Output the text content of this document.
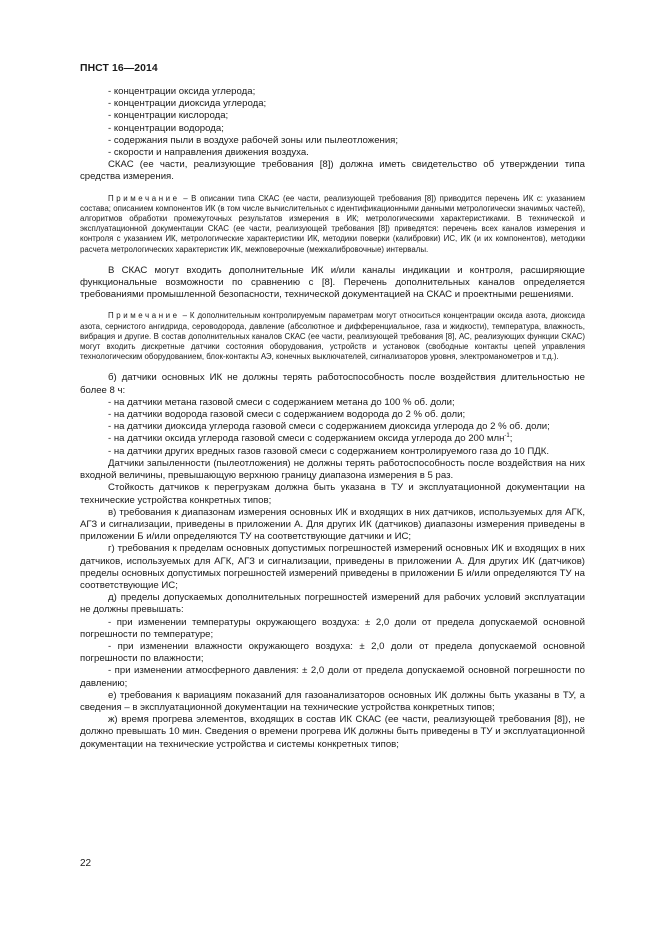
ПНСТ 16—2014

- концентрации оксида углерода;

- концентрации диоксида углерода;

- концентрации кислорода;

- концентрации водорода;

- содержания пыли в воздухе рабочей зоны или пылеотложения;

- скорости и направления движения воздуха.

СКАС (ее части, реализующие требования [8]) должна иметь свидетельство об утверждении типа средства измерения.

Примечание – В описании типа СКАС (ее части, реализующей требования [8]) приводится перечень ИК с: указанием состава; описанием компонентов ИК (в том числе вычислительных с идентификационными данными метрологически значимых частей), алгоритмов обработки промежуточных результатов измерения в ИК; метрологическими характеристиками. В технической и эксплуатационной документации СКАС (ее части, реализующей требования [8]) приведятся: перечень всех каналов измерения и контроля с указанием ИК, метрологические характеристики ИК, методики поверки (калибровки) ИС, ИК (и их компонентов), методики расчета метрологических характеристик ИК, межповерочные (межкалибровочные) интервалы.

В СКАС могут входить дополнительные ИК и/или каналы индикации и контроля, расширяющие функциональные возможности по сравнению с [8]. Перечень дополнительных каналов определяется требованиями промышленной безопасности, технической документацией на СКАС и проектными решениями.

Примечание – К дополнительным контролируемым параметрам могут относиться концентрации оксида азота, диоксида азота, сернистого ангидрида, сероводорода, давление (абсолютное и дифференциальное, газа и жидкости), температура, влажность, вибрация и другие. В состав дополнительных каналов СКАС (ее части, реализующей требования [8], АС, реализующих функции СКАС) могут входить дискретные датчики состояния оборудования, устройств и установок (свободные контакты цепей управления технологическим оборудованием, блок-контакты АЭ, конечных выключателей, сигнализаторов уровня, электроманометров и т.д.).

б) датчики основных ИК не должны терять работоспособность после воздействия длительностью не более 8 ч:

- на датчики метана газовой смеси с содержанием метана до 100 % об. доли;

- на датчики водорода газовой смеси с содержанием водорода до 2 % об. доли;

- на датчики диоксида углерода газовой смеси с содержанием диоксида углерода до 2 % об. доли;

- на датчики оксида углерода газовой смеси с содержанием оксида углерода до 200 млн$^{-1}$;

- на датчики других вредных газов газовой смеси с содержанием контролируемого газа до 10 ПДК.

Датчики запыленности (пылеотложения) не должны терять работоспособность после воздействия на них входной величины, превышающую верхнюю границу диапазона измерения в 5 раз.

Стойкость датчиков к перегрузкам должна быть указана в ТУ и эксплуатационной документации на технические устройства конкретных типов;

в) требования к диапазонам измерения основных ИК и входящих в них датчиков, используемых для АГК, АГЗ и сигнализации, приведены в приложении А. Для других ИК (датчиков) диапазоны измерения приведены в приложении Б и/или определяются ТУ на соответствующие датчики и ИС;

г) требования к пределам основных допустимых погрешностей измерений основных ИК и входящих в них датчиков, используемых для АГК, АГЗ и сигнализации, приведены в приложении А. Для других ИК (датчиков) пределы основных допустимых погрешностей измерений приведены в приложении Б и/или определяются ТУ на соответствующие ИС;

д) пределы допускаемых дополнительных погрешностей измерений для рабочих условий эксплуатации не должны превышать:

- при изменении температуры окружающего воздуха: ± 2,0 доли от предела допускаемой основной погрешности по температуре;

- при изменении влажности окружающего воздуха: ± 2,0 доли от предела допускаемой основной погрешности по влажности;

- при изменении атмосферного давления: ± 2,0 доли от предела допускаемой основной погрешности по давлению;

е) требования к вариациям показаний для газоанализаторов основных ИК должны быть указаны в ТУ, а сведения – в эксплуатационной документации на технические устройства конкретных типов;

ж) время прогрева элементов, входящих в состав ИК СКАС (ее части, реализующей требования [8]), не должно превышать 10 мин. Сведения о времени прогрева ИК должны быть приведены в ТУ и эксплуатационной документации на технические устройства и системы конкретных типов;

22
